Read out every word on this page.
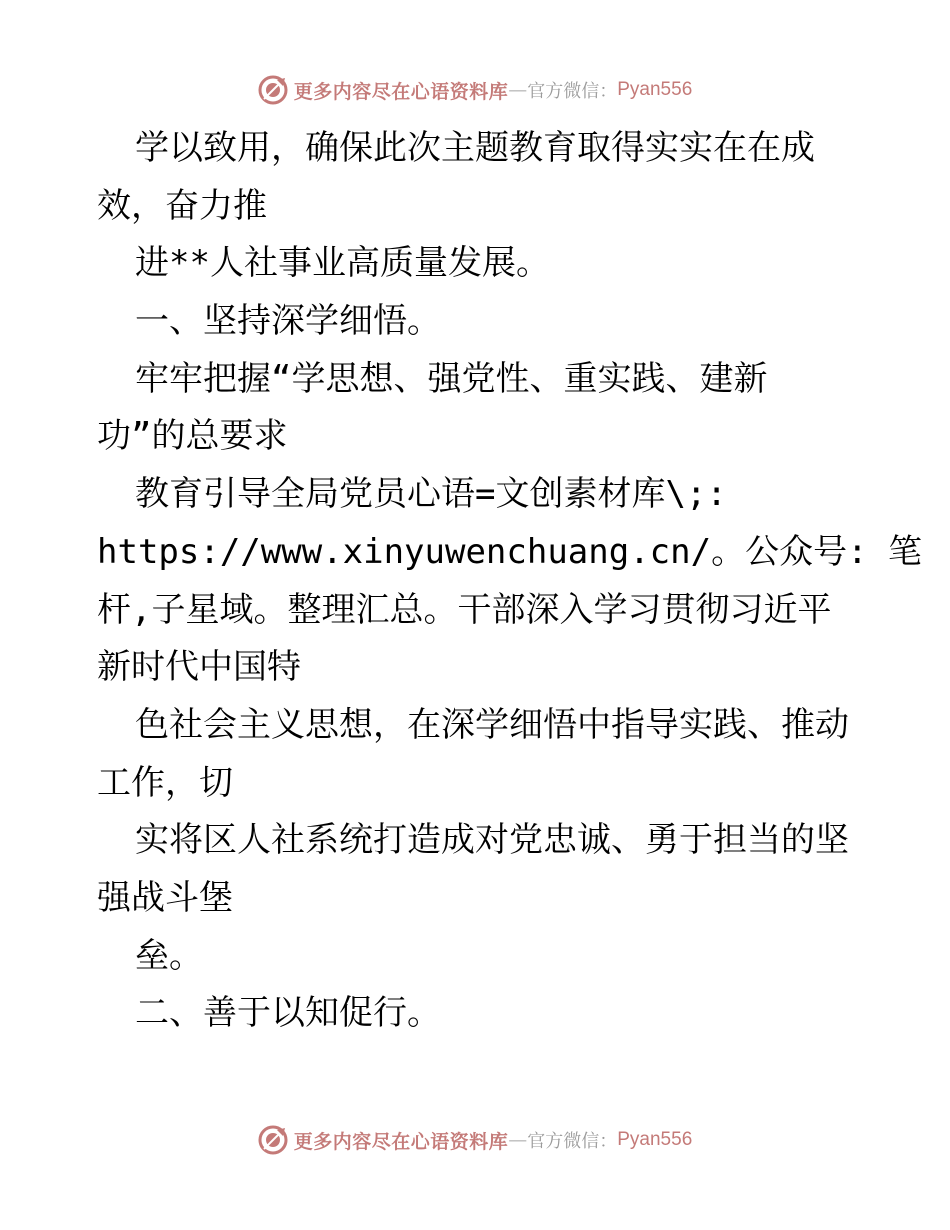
更多内容尽在心语资料库 — 官方微信： Pyan556
学以致用，确保此次主题教育取得实实在在成
效，奋力推
进**人社事业高质量发展。
一、坚持深学细悟。
牢牢把握“学思想、强党性、重实践、建新
功”的总要求
教育引导全局党员心语=文创素材库\;:
https://www.xinyuwenchuang.cn/。公众号: 笔
杆,子星域。整理汇总。干部深入学习贯彻习近平
新时代中国特
色社会主义思想，在深学细悟中指导实践、推动
工作，切
实将区人社系统打造成对党忠诚、勇于担当的坚
强战斗堡
垒。
二、善于以知促行。
更多内容尽在心语资料库 — 官方微信： Pyan556
